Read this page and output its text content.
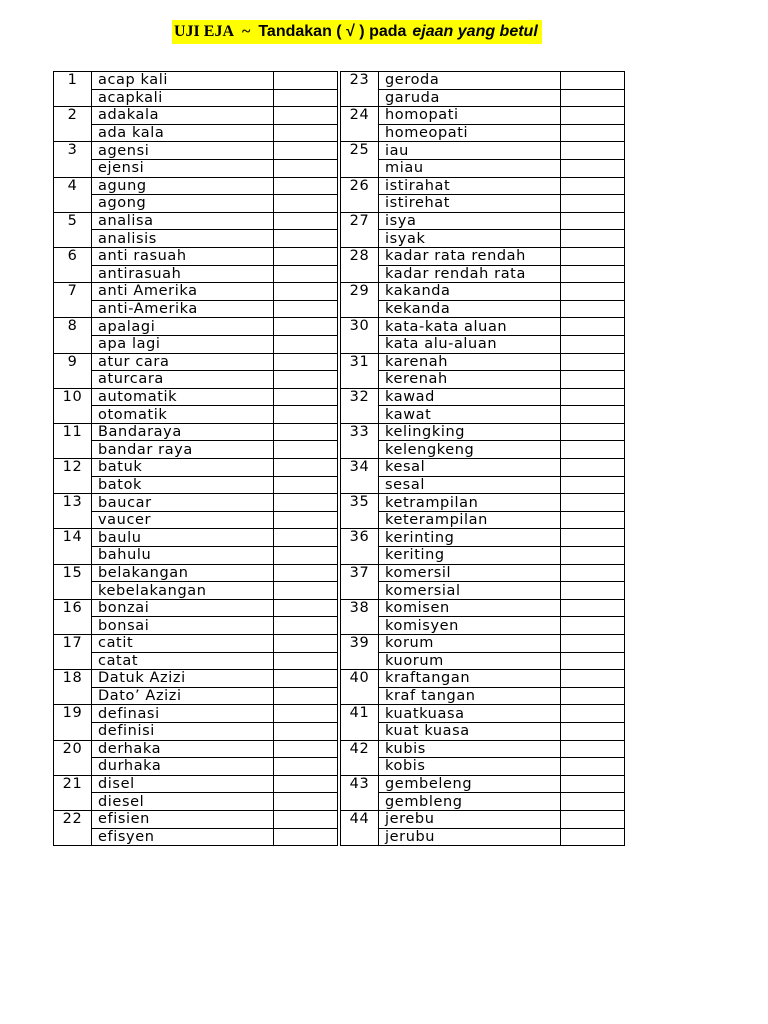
UJI EJA ~ Tandakan ( √ ) pada ejaan yang betul
1	acap kali			23	geroda	
	acapkali				garuda	
2	adakala			24	homopati	
	ada kala				homeopati	
3	agensi			25	iau	
	ejensi				miau	
4	agung			26	istirahat	
	agong				istirehat	
5	analisa			27	isya	
	analisis				isyak	
6	anti rasuah			28	kadar rata rendah	
	antirasuah				kadar rendah rata	
7	anti Amerika			29	kakanda	
	anti-Amerika				kekanda	
8	apalagi			30	kata-kata aluan	
	apa lagi				kata alu-aluan	
9	atur cara			31	karenah	
	aturcara				kerenah	
10	automatik			32	kawad	
	otomatik				kawat	
11	Bandaraya			33	kelingking	
	bandar raya				kelengkeng	
12	batuk			34	kesal	
	batok				sesal	
13	baucar			35	ketrampilan	
	vaucer				keterampilan	
14	baulu			36	kerinting	
	bahulu				keriting	
15	belakangan			37	komersil	
	kebelakangan				komersial	
16	bonzai			38	komisen	
	bonsai				komisyen	
17	catit			39	korum	
	catat				kuorum	
18	Datuk Azizi			40	kraftangan	
	Dato’ Azizi				kraf tangan	
19	definasi			41	kuatkuasa	
	definisi				kuat kuasa	
20	derhaka			42	kubis	
	durhaka				kobis	
21	disel			43	gembeleng	
	diesel				gembleng	
22	efisien			44	jerebu	
	efisyen				jerubu	
